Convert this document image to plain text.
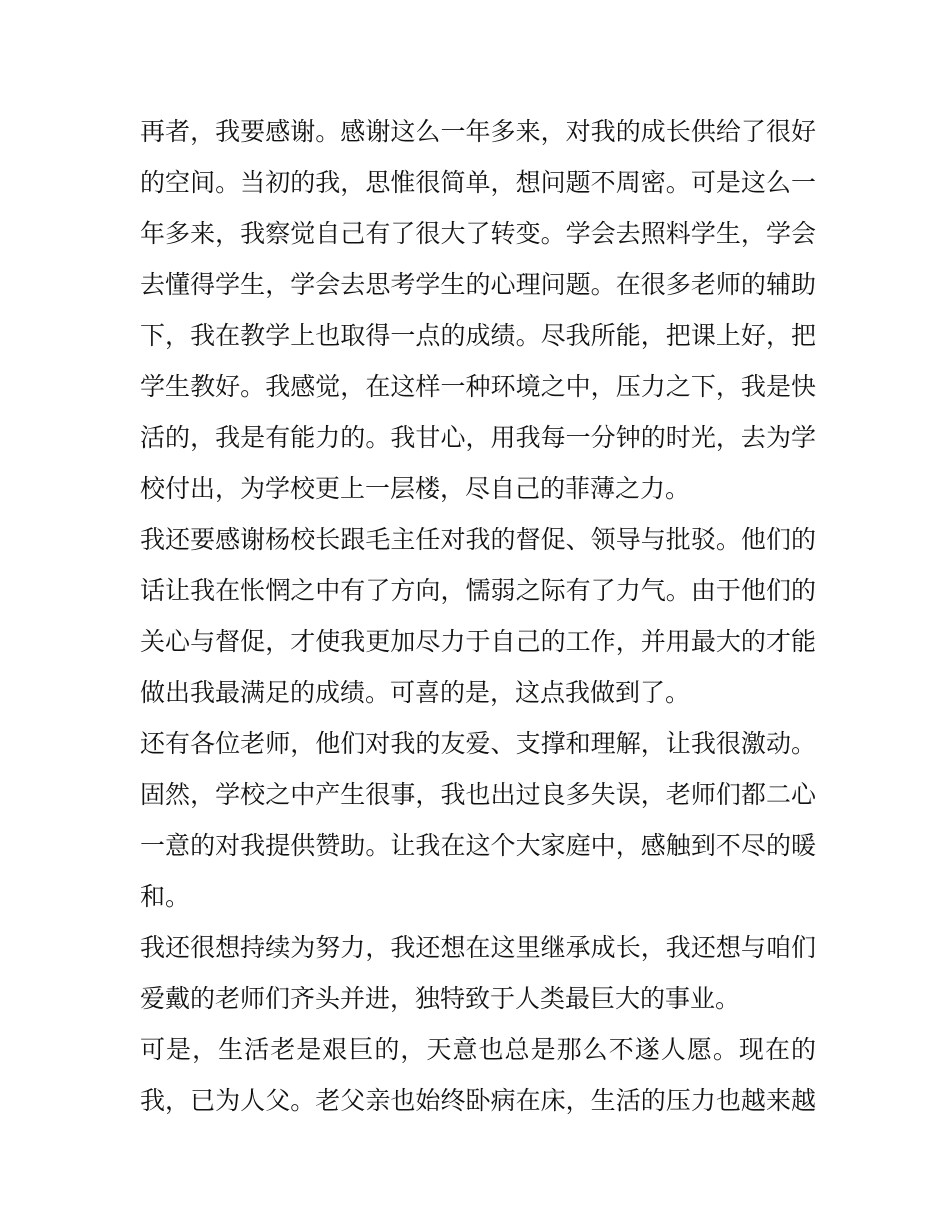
再者，我要感谢。感谢这么一年多来，对我的成长供给了很好
的空间。当初的我，思惟很简单，想问题不周密。可是这么一
年多来，我察觉自己有了很大了转变。学会去照料学生，学会
去懂得学生，学会去思考学生的心理问题。在很多老师的辅助
下，我在教学上也取得一点的成绩。尽我所能，把课上好，把
学生教好。我感觉，在这样一种环境之中，压力之下，我是快
活的，我是有能力的。我甘心，用我每一分钟的时光，去为学
校付出，为学校更上一层楼，尽自己的菲薄之力。
我还要感谢杨校长跟毛主任对我的督促、领导与批驳。他们的
话让我在怅惘之中有了方向，懦弱之际有了力气。由于他们的
关心与督促，才使我更加尽力于自己的工作，并用最大的才能
做出我最满足的成绩。可喜的是，这点我做到了。
还有各位老师，他们对我的友爱、支撑和理解，让我很激动。
固然，学校之中产生很事，我也出过良多失误，老师们都二心
一意的对我提供赞助。让我在这个大家庭中，感触到不尽的暖
和。
我还很想持续为努力，我还想在这里继承成长，我还想与咱们
爱戴的老师们齐头并进，独特致于人类最巨大的事业。
可是，生活老是艰巨的，天意也总是那么不遂人愿。现在的
我，已为人父。老父亲也始终卧病在床，生活的压力也越来越
